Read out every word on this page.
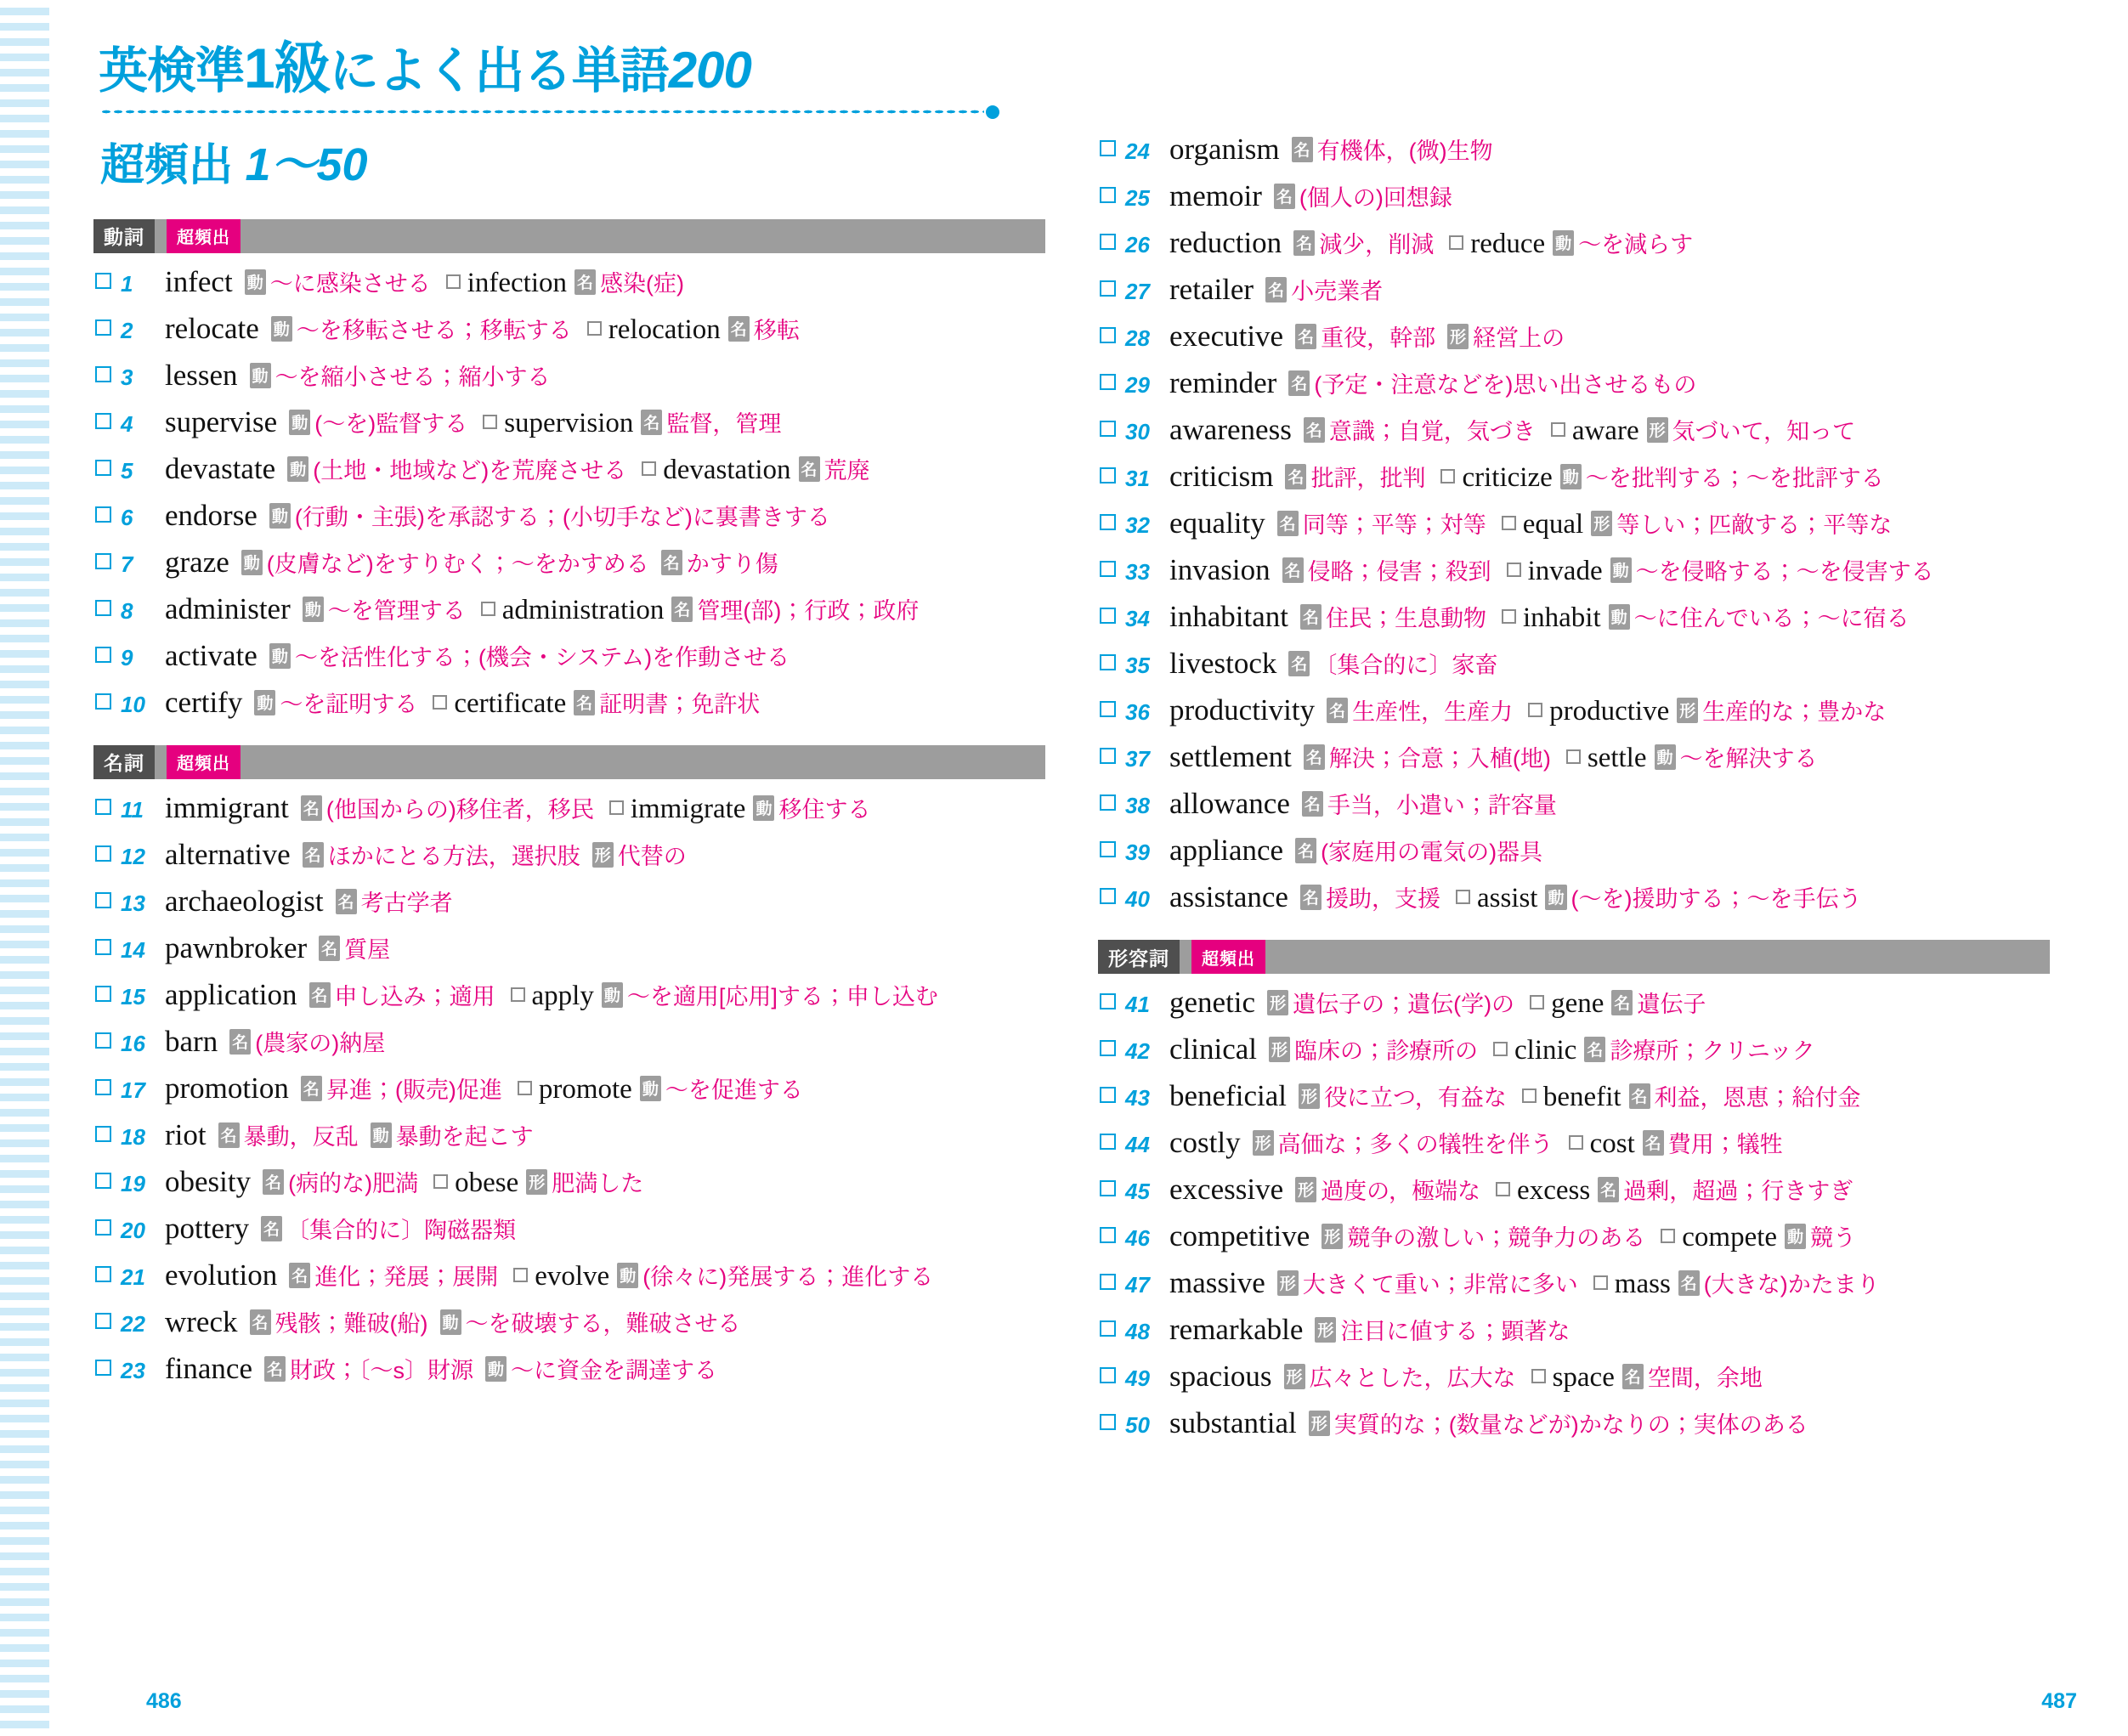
英検準1級によく出る単語200
超頻出 1〜50
動詞	超頻出
1	infect 動 〜に感染させる infection 名 感染(症)
2	relocate 動 〜を移転させる；移転する relocation 名 移転
3	lessen 動 〜を縮小させる；縮小する
4	supervise 動 (〜を)監督する supervision 名 監督，管理
5	devastate 動 (土地・地域など)を荒廃させる devastation 名 荒廃
6	endorse 動 (行動・主張)を承認する；(小切手など)に裏書きする
7	graze 動 (皮膚など)をすりむく；〜をかすめる 名 かすり傷
8	administer 動 〜を管理する administration 名 管理(部)；行政；政府
9	activate 動 〜を活性化する；(機会・システム)を作動させる
10 certify 動 〜を証明する certificate 名 証明書；免許状
名詞	超頻出
11 immigrant 名 (他国からの)移住者，移民 immigrate 動 移住する
12 alternative 名 ほかにとる方法，選択肢 形 代替の
13 archaeologist 名 考古学者
14 pawnbroker 名 質屋
15 application 名 申し込み；適用 apply 動 〜を適用[応用]する；申し込む
16 barn 名 (農家の)納屋
17 promotion 名 昇進；(販売)促進 promote 動 〜を促進する
18 riot 名 暴動，反乱 動 暴動を起こす
19 obesity 名 (病的な)肥満 obese 形 肥満した
20 pottery 名 〔集合的に〕陶磁器類
21 evolution 名 進化；発展；展開 evolve 動 (徐々に)発展する；進化する
22 wreck 名 残骸；難破(船) 動 〜を破壊する，難破させる
23 finance 名 財政；〔〜s〕財源 動 〜に資金を調達する
24 organism 名 有機体，(微)生物
25 memoir 名 (個人の)回想録
26 reduction 名 減少，削減 reduce 動 〜を減らす
27 retailer 名 小売業者
28 executive 名 重役，幹部 形 経営上の
29 reminder 名 (予定・注意などを)思い出させるもの
30 awareness 名 意識；自覚，気づき aware 形 気づいて，知って
31 criticism 名 批評，批判 criticize 動 〜を批判する；〜を批評する
32 equality 名 同等；平等；対等 equal 形 等しい；匹敵する；平等な
33 invasion 名 侵略；侵害；殺到 invade 動 〜を侵略する；〜を侵害する
34 inhabitant 名 住民；生息動物 inhabit 動 〜に住んでいる；〜に宿る
35 livestock 名 〔集合的に〕家畜
36 productivity 名 生産性，生産力 productive 形 生産的な；豊かな
37 settlement 名 解決；合意；入植(地) settle 動 〜を解決する
38 allowance 名 手当，小遣い；許容量
39 appliance 名 (家庭用の電気の)器具
40 assistance 名 援助，支援 assist 動 (〜を)援助する；〜を手伝う
形容詞	超頻出
41 genetic 形 遺伝子の；遺伝(学)の gene 名 遺伝子
42 clinical 形 臨床の；診療所の clinic 名 診療所；クリニック
43 beneficial 形 役に立つ，有益な benefit 名 利益，恩恵；給付金
44 costly 形 高価な；多くの犠牲を伴う cost 名 費用；犠牲
45 excessive 形 過度の，極端な excess 名 過剰，超過；行きすぎ
46 competitive 形 競争の激しい；競争力のある compete 動 競う
47 massive 形 大きくて重い；非常に多い mass 名 (大きな)かたまり
48 remarkable 形 注目に値する；顕著な
49 spacious 形 広々とした，広大な space 名 空間，余地
50 substantial 形 実質的な；(数量などが)かなりの；実体のある
486	487
